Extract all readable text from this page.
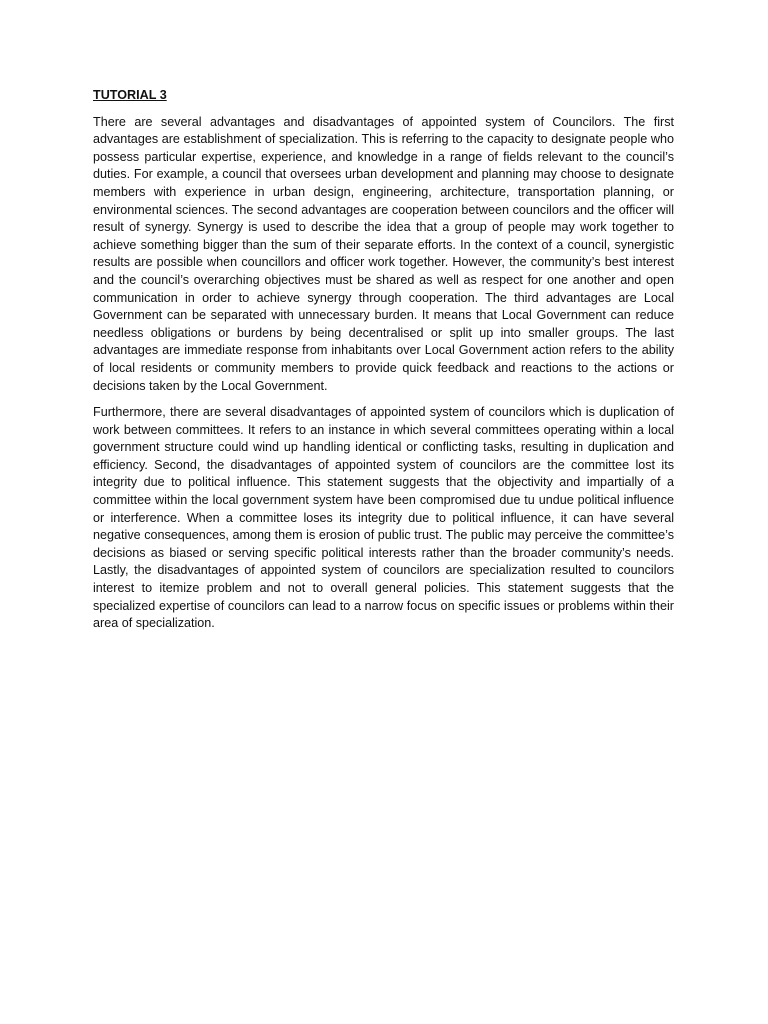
TUTORIAL 3

There are several advantages and disadvantages of appointed system of Councilors. The first advantages are establishment of specialization. This is referring to the capacity to designate people who possess particular expertise, experience, and knowledge in a range of fields relevant to the council’s duties. For example, a council that oversees urban development and planning may choose to designate members with experience in urban design, engineering, architecture, transportation planning, or environmental sciences. The second advantages are cooperation between councilors and the officer will result of synergy. Synergy is used to describe the idea that a group of people may work together to achieve something bigger than the sum of their separate efforts. In the context of a council, synergistic results are possible when councillors and officer work together. However, the community’s best interest and the council’s overarching objectives must be shared as well as respect for one another and open communication in order to achieve synergy through cooperation. The third advantages are Local Government can be separated with unnecessary burden. It means that Local Government can reduce needless obligations or burdens by being decentralised or split up into smaller groups. The last advantages are immediate response from inhabitants over Local Government action refers to the ability of local residents or community members to provide quick feedback and reactions to the actions or decisions taken by the Local Government.

Furthermore, there are several disadvantages of appointed system of councilors which is duplication of work between committees. It refers to an instance in which several committees operating within a local government structure could wind up handling identical or conflicting tasks, resulting in duplication and efficiency. Second, the disadvantages of appointed system of councilors are the committee lost its integrity due to political influence. This statement suggests that the objectivity and impartially of a committee within the local government system have been compromised due tu undue political influence or interference. When a committee loses its integrity due to political influence, it can have several negative consequences, among them is erosion of public trust. The public may perceive the committee’s decisions as biased or serving specific political interests rather than the broader community’s needs. Lastly, the disadvantages of appointed system of councilors are specialization resulted to councilors interest to itemize problem and not to overall general policies. This statement suggests that the specialized expertise of councilors can lead to a narrow focus on specific issues or problems within their area of specialization.
